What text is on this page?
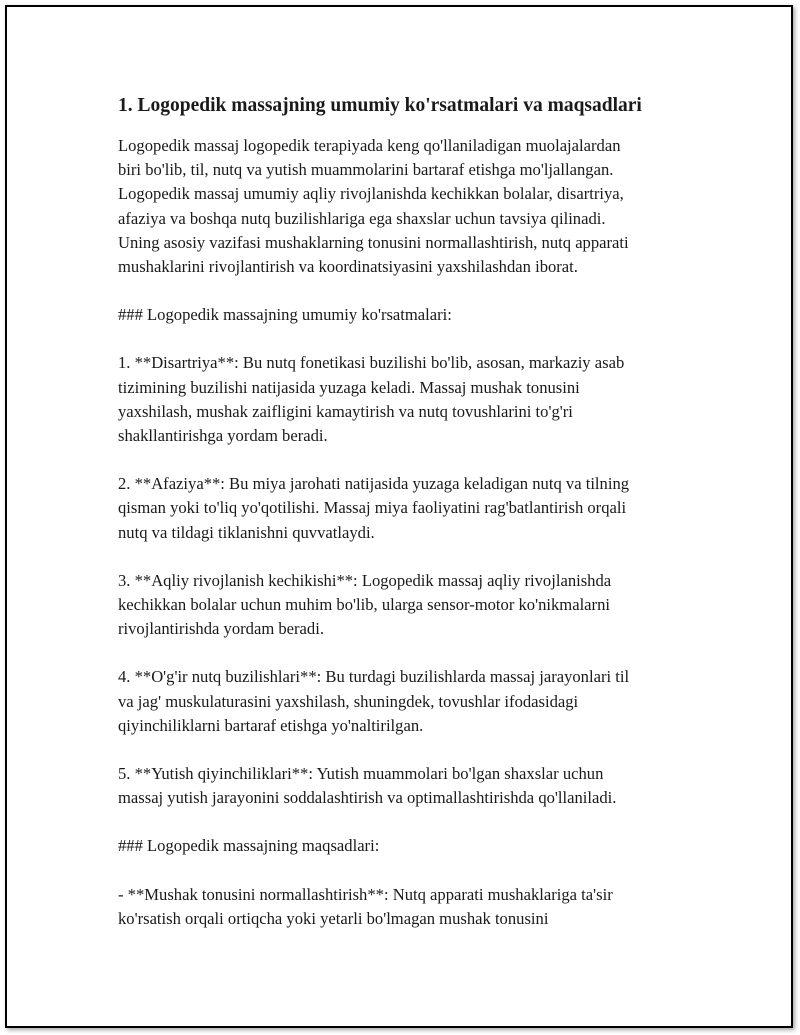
1. Logopedik massajning umumiy ko'rsatmalari va maqsadlari

Logopedik massaj logopedik terapiyada keng qo'llaniladigan muolajalardan
biri bo'lib, til, nutq va yutish muammolarini bartaraf etishga mo'ljallangan.
Logopedik massaj umumiy aqliy rivojlanishda kechikkan bolalar, disartriya,
afaziya va boshqa nutq buzilishlariga ega shaxslar uchun tavsiya qilinadi.
Uning asosiy vazifasi mushaklarning tonusini normallashtirish, nutq apparati
mushaklarini rivojlantirish va koordinatsiyasini yaxshilashdan iborat.

### Logopedik massajning umumiy ko'rsatmalari:

1. **Disartriya**: Bu nutq fonetikasi buzilishi bo'lib, asosan, markaziy asab
tizimining buzilishi natijasida yuzaga keladi. Massaj mushak tonusini
yaxshilash, mushak zaifligini kamaytirish va nutq tovushlarini to'g'ri
shakllantirishga yordam beradi.

2. **Afaziya**: Bu miya jarohati natijasida yuzaga keladigan nutq va tilning
qisman yoki to'liq yo'qotilishi. Massaj miya faoliyatini rag'batlantirish orqali
nutq va tildagi tiklanishni quvvatlaydi.

3. **Aqliy rivojlanish kechikishi**: Logopedik massaj aqliy rivojlanishda
kechikkan bolalar uchun muhim bo'lib, ularga sensor-motor ko'nikmalarni
rivojlantirishda yordam beradi.

4. **O'g'ir nutq buzilishlari**: Bu turdagi buzilishlarda massaj jarayonlari til
va jag' muskulaturasini yaxshilash, shuningdek, tovushlar ifodasidagi
qiyinchiliklarni bartaraf etishga yo'naltirilgan.

5. **Yutish qiyinchiliklari**: Yutish muammolari bo'lgan shaxslar uchun
massaj yutish jarayonini soddalashtirish va optimallashtirishda qo'llaniladi.

### Logopedik massajning maqsadlari:

- **Mushak tonusini normallashtirish**: Nutq apparati mushaklariga ta'sir
ko'rsatish orqali ortiqcha yoki yetarli bo'lmagan mushak tonusini
